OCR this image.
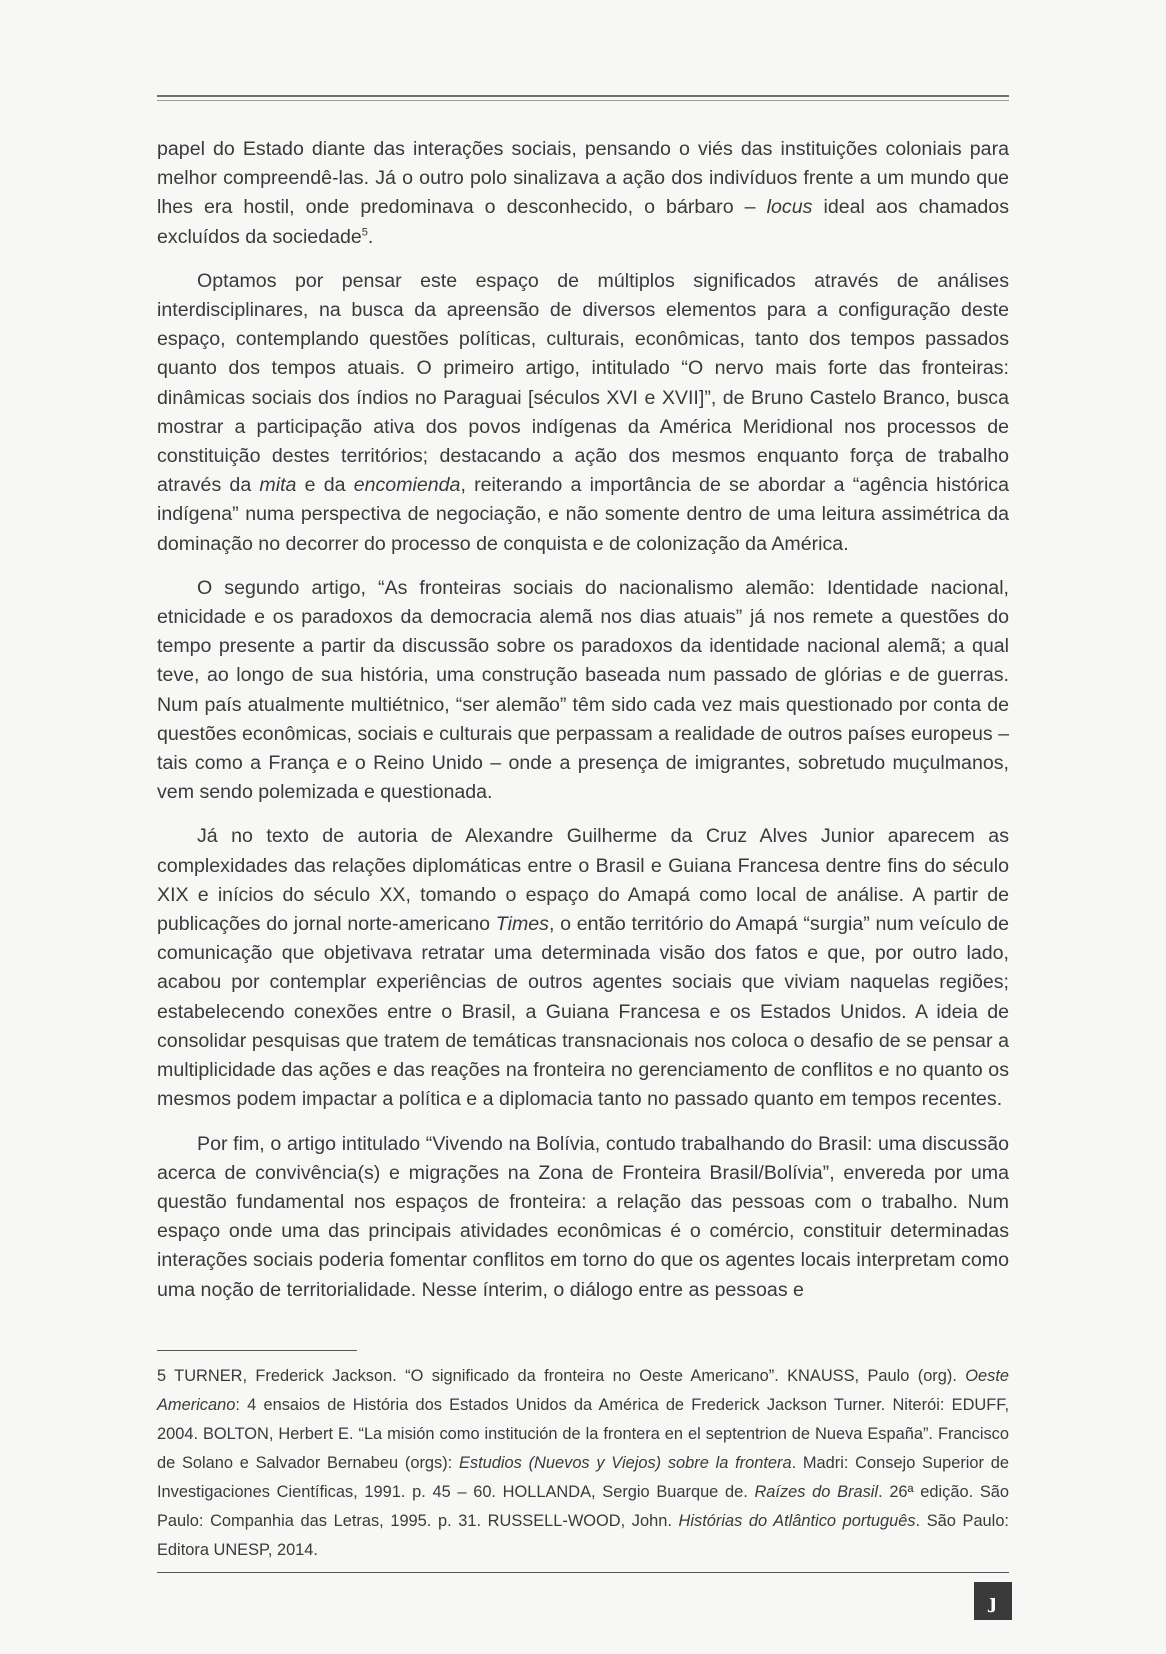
papel do Estado diante das interações sociais, pensando o viés das instituições coloniais para melhor compreendê-las. Já o outro polo sinalizava a ação dos indivíduos frente a um mundo que lhes era hostil, onde predominava o desconhecido, o bárbaro – locus ideal aos chamados excluídos da sociedade$^5$.

Optamos por pensar este espaço de múltiplos significados através de análises interdisciplinares, na busca da apreensão de diversos elementos para a configuração deste espaço, contemplando questões políticas, culturais, econômicas, tanto dos tempos passados quanto dos tempos atuais. O primeiro artigo, intitulado “O nervo mais forte das fronteiras: dinâmicas sociais dos índios no Paraguai [séculos XVI e XVII]”, de Bruno Castelo Branco, busca mostrar a participação ativa dos povos indígenas da América Meridional nos processos de constituição destes territórios; destacando a ação dos mesmos enquanto força de trabalho através da mita e da encomienda, reiterando a importância de se abordar a “agência histórica indígena” numa perspectiva de negociação, e não somente dentro de uma leitura assimétrica da dominação no decorrer do processo de conquista e de colonização da América.

O segundo artigo, “As fronteiras sociais do nacionalismo alemão: Identidade nacional, etnicidade e os paradoxos da democracia alemã nos dias atuais” já nos remete a questões do tempo presente a partir da discussão sobre os paradoxos da identidade nacional alemã; a qual teve, ao longo de sua história, uma construção baseada num passado de glórias e de guerras. Num país atualmente multiétnico, “ser alemão” têm sido cada vez mais questionado por conta de questões econômicas, sociais e culturais que perpassam a realidade de outros países europeus – tais como a França e o Reino Unido – onde a presença de imigrantes, sobretudo muçulmanos, vem sendo polemizada e questionada.

Já no texto de autoria de Alexandre Guilherme da Cruz Alves Junior aparecem as complexidades das relações diplomáticas entre o Brasil e Guiana Francesa dentre fins do século XIX e inícios do século XX, tomando o espaço do Amapá como local de análise. A partir de publicações do jornal norte-americano Times, o então território do Amapá “surgia” num veículo de comunicação que objetivava retratar uma determinada visão dos fatos e que, por outro lado, acabou por contemplar experiências de outros agentes sociais que viviam naquelas regiões; estabelecendo conexões entre o Brasil, a Guiana Francesa e os Estados Unidos. A ideia de consolidar pesquisas que tratem de temáticas transnacionais nos coloca o desafio de se pensar a multiplicidade das ações e das reações na fronteira no gerenciamento de conflitos e no quanto os mesmos podem impactar a política e a diplomacia tanto no passado quanto em tempos recentes.

Por fim, o artigo intitulado “Vivendo na Bolívia, contudo trabalhando do Brasil: uma discussão acerca de convivência(s) e migrações na Zona de Fronteira Brasil/Bolívia”, envereda por uma questão fundamental nos espaços de fronteira: a relação das pessoas com o trabalho. Num espaço onde uma das principais atividades econômicas é o comércio, constituir determinadas interações sociais poderia fomentar conflitos em torno do que os agentes locais interpretam como uma noção de territorialidade. Nesse ínterim, o diálogo entre as pessoas e

5 TURNER, Frederick Jackson. “O significado da fronteira no Oeste Americano”. KNAUSS, Paulo (org). Oeste Americano: 4 ensaios de História dos Estados Unidos da América de Frederick Jackson Turner. Niterói: EDUFF, 2004. BOLTON, Herbert E. “La misión como institución de la frontera en el septentrion de Nueva España”. Francisco de Solano e Salvador Bernabeu (orgs): Estudios (Nuevos y Viejos) sobre la frontera. Madri: Consejo Superior de Investigaciones Científicas, 1991. p. 45 – 60. HOLLANDA, Sergio Buarque de. Raízes do Brasil. 26ª edição. São Paulo: Companhia das Letras, 1995. p. 31. RUSSELL-WOOD, John. Histórias do Atlântico português. São Paulo: Editora UNESP, 2014.

ȷ
